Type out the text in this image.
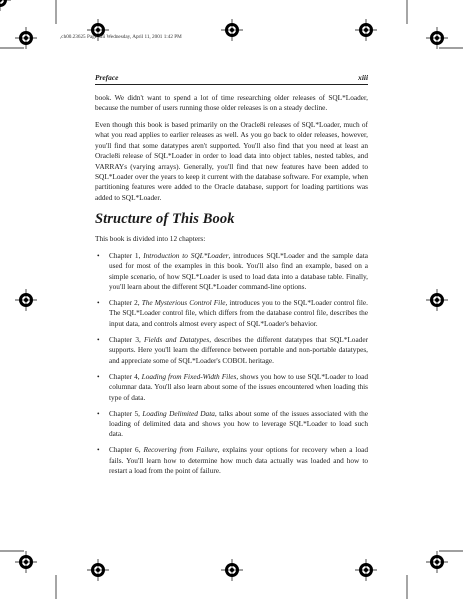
,ch00.23625 Page xiii Wednesday, April 11, 2001 1:42 PM
Preface	xiii

book. We didn't want to spend a lot of time researching older releases of SQL*Loader, because the number of users running those older releases is on a steady decline.

Even though this book is based primarily on the Oracle8i releases of SQL*Loader, much of what you read applies to earlier releases as well. As you go back to older releases, however, you'll find that some datatypes aren't supported. You'll also find that you need at least an Oracle8i release of SQL*Loader in order to load data into object tables, nested tables, and VARRAYs (varying arrays). Generally, you'll find that new features have been added to SQL*Loader over the years to keep it current with the database software. For example, when partitioning features were added to the Oracle database, support for loading partitions was added to SQL*Loader.

Structure of This Book

This book is divided into 12 chapters:

• Chapter 1, Introduction to SQL*Loader, introduces SQL*Loader and the sample data used for most of the examples in this book. You'll also find an example, based on a simple scenario, of how SQL*Loader is used to load data into a database table. Finally, you'll learn about the different SQL*Loader command-line options.
• Chapter 2, The Mysterious Control File, introduces you to the SQL*Loader control file. The SQL*Loader control file, which differs from the database control file, describes the input data, and controls almost every aspect of SQL*Loader's behavior.
• Chapter 3, Fields and Datatypes, describes the different datatypes that SQL*Loader supports. Here you'll learn the difference between portable and non-portable datatypes, and appreciate some of SQL*Loader's COBOL heritage.
• Chapter 4, Loading from Fixed-Width Files, shows you how to use SQL*Loader to load columnar data. You'll also learn about some of the issues encountered when loading this type of data.
• Chapter 5, Loading Delimited Data, talks about some of the issues associated with the loading of delimited data and shows you how to leverage SQL*Loader to load such data.
• Chapter 6, Recovering from Failure, explains your options for recovery when a load fails. You'll learn how to determine how much data actually was loaded and how to restart a load from the point of failure.
